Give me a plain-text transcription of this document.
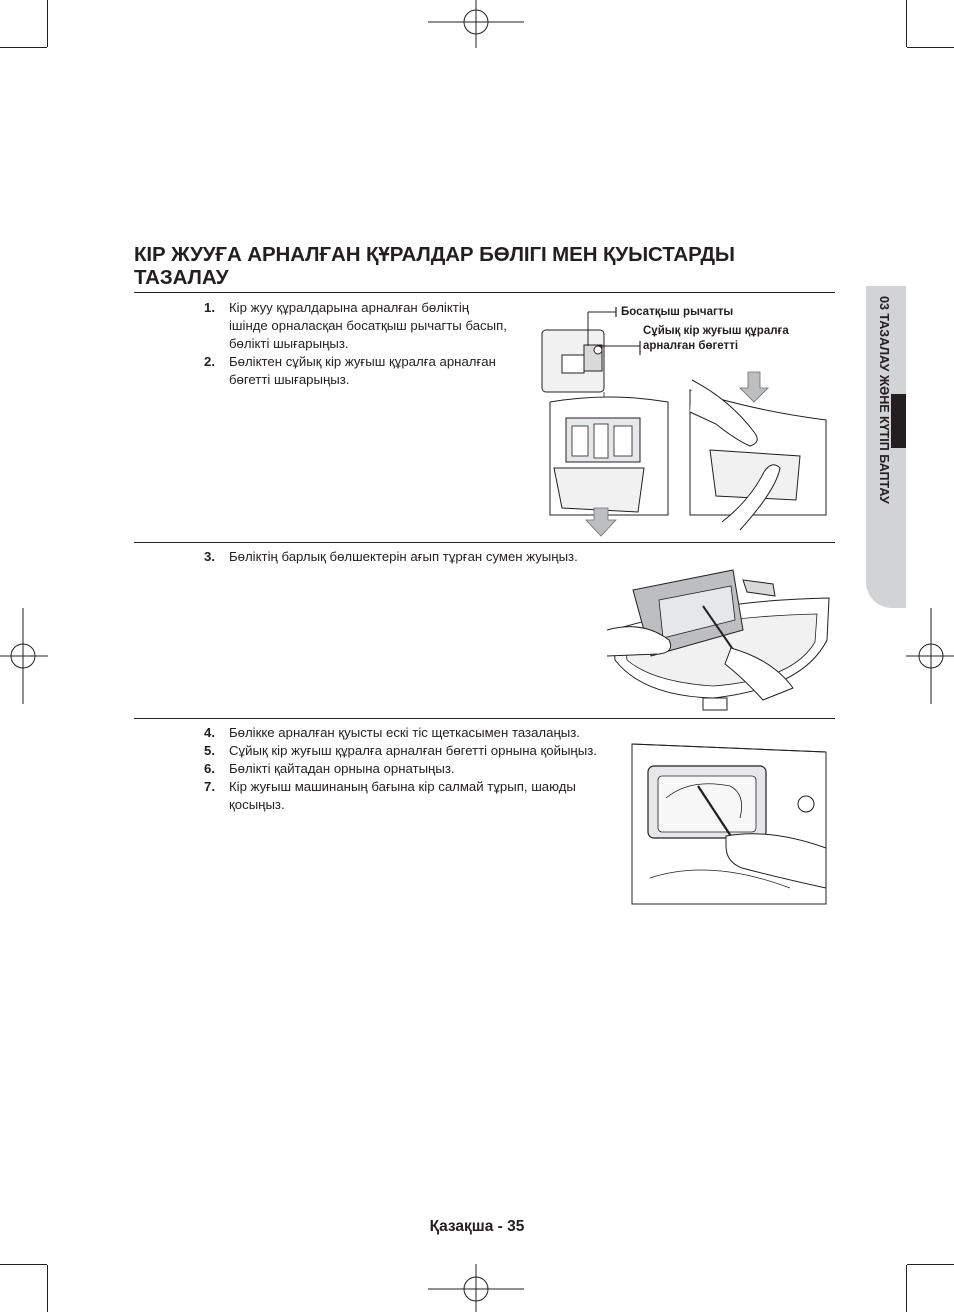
03 ТАЗАЛАУ ЖӘНЕ КҮТІП БАПТАУ
КІР ЖУУҒА АРНАЛҒАН ҚҰРАЛДАР БӨЛІГІ МЕН ҚУЫСТАРДЫ ТАЗАЛАУ
1. Кір жуу құралдарына арналған бөліктің ішінде орналасқан босатқыш рычагты басып, бөлікті шығарыңыз.
2. Бөліктен сұйық кір жуғыш құралға арналған бөгетті шығарыңыз.
Босатқыш рычагты
Сұйық кір жуғыш құралға
арналған бөгетті
3. Бөліктің барлық бөлшектерін ағып тұрған сумен жуыңыз.
4. Бөлікке арналған қуысты ескі тіс щеткасымен тазалаңыз.
5. Сұйық кір жуғыш құралға арналған бөгетті орнына қойыңыз.
6. Бөлікті қайтадан орнына орнатыңыз.
7. Кір жуғыш машинаның бағына кір салмай тұрып, шаюды қосыңыз.
Қазақша - 35
